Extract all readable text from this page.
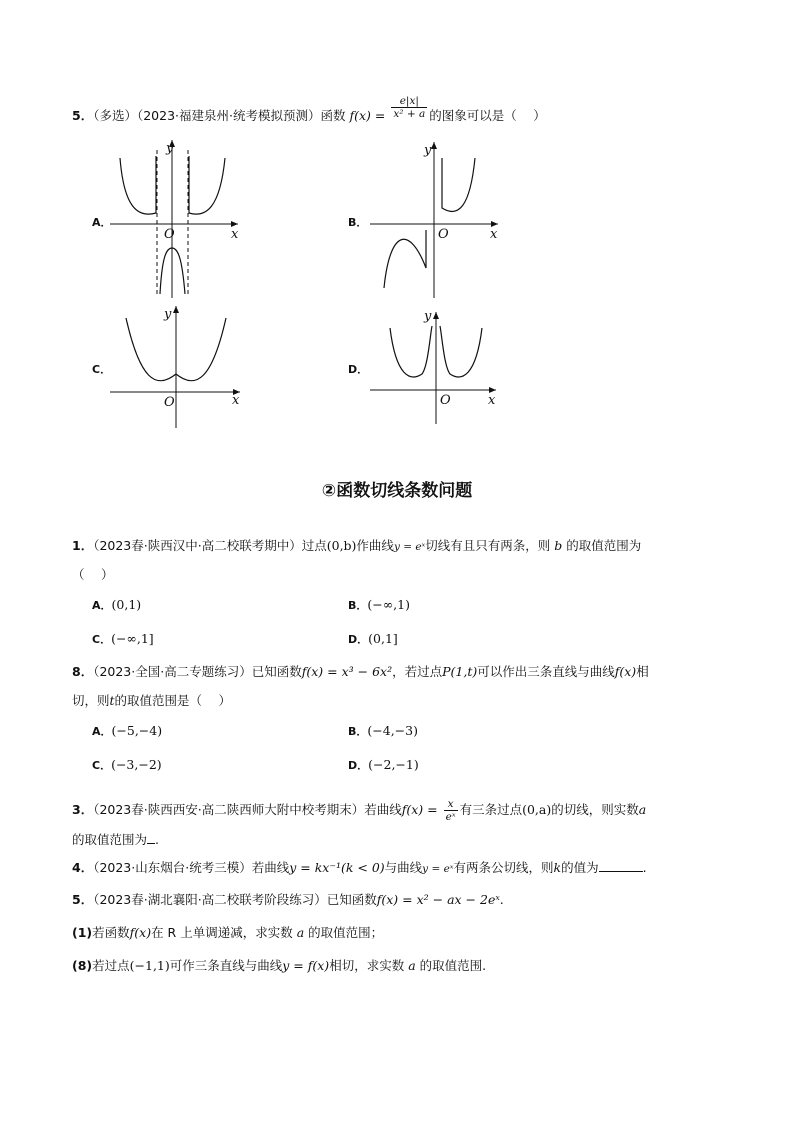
5．（多选）（2023·福建泉州·统考模拟预测）函数 $f(x) = \frac{e|x|}{\text{x² + a}}$ 的图象可以是（　 ）
A．
y
x
O
B．
y
x
O
C．
y
x
O
D．
y
x
O
②函数切线条数问题
1．（2023春·陕西汉中·高二校联考期中）过点(0,b)作曲线y = eˣ切线有且只有两条，则 b 的取值范围为
（　 ）
A．(0,1)	B．(−∞,1)
C．(−∞,1]	D．(0,1]
8．（2023·全国·高二专题练习）已知函数f(x) = x³ − 6x²，若过点P(1,t)可以作出三条直线与曲线f(x)相
切，则t的取值范围是（　 ）
A．(−5,−4)	B．(−4,−3)
C．(−3,−2)	D．(−2,−1)
3．（2023春·陕西西安·高二陕西师大附中校考期末）若曲线$f(x) = \frac{x}{\text{eˣ}}$ 有三条过点(0,a)的切线，则实数a
的取值范围为 .
4．（2023·山东烟台·统考三模）若曲线y = kx⁻¹(k < 0)与曲线y = eˣ有两条公切线，则k的值为	.
5．（2023春·湖北襄阳·高二校联考阶段练习）已知函数f(x) = x² − ax − 2eˣ.
(1)若函数f(x)在 R 上单调递减，求实数 a 的取值范围；
(8)若过点(−1,1)可作三条直线与曲线y = f(x)相切，求实数 a 的取值范围.
